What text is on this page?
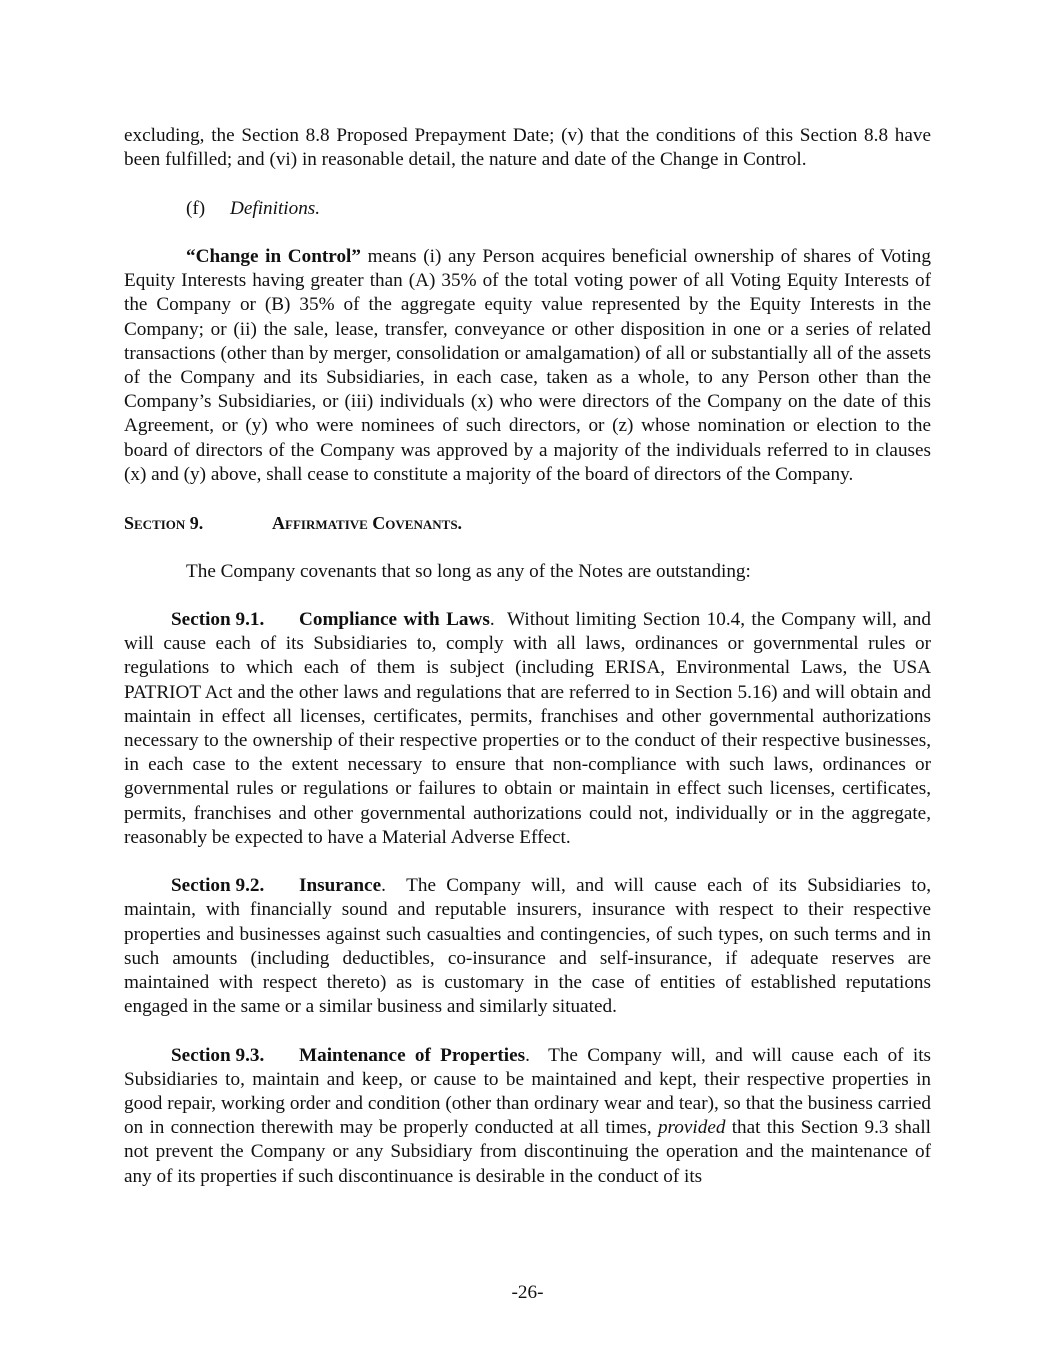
excluding, the Section 8.8 Proposed Prepayment Date; (v) that the conditions of this Section 8.8 have been fulfilled; and (vi) in reasonable detail, the nature and date of the Change in Control.

(f) Definitions.

“Change in Control” means (i) any Person acquires beneficial ownership of shares of Voting Equity Interests having greater than (A) 35% of the total voting power of all Voting Equity Interests of the Company or (B) 35% of the aggregate equity value represented by the Equity Interests in the Company; or (ii) the sale, lease, transfer, conveyance or other disposition in one or a series of related transactions (other than by merger, consolidation or amalgamation) of all or substantially all of the assets of the Company and its Subsidiaries, in each case, taken as a whole, to any Person other than the Company’s Subsidiaries, or (iii) individuals (x) who were directors of the Company on the date of this Agreement, or (y) who were nominees of such directors, or (z) whose nomination or election to the board of directors of the Company was approved by a majority of the individuals referred to in clauses (x) and (y) above, shall cease to constitute a majority of the board of directors of the Company.

Section 9.	Affirmative Covenants.

The Company covenants that so long as any of the Notes are outstanding:

Section 9.1. Compliance with Laws.  Without limiting Section 10.4, the Company will, and will cause each of its Subsidiaries to, comply with all laws, ordinances or governmental rules or regulations to which each of them is subject (including ERISA, Environmental Laws, the USA PATRIOT Act and the other laws and regulations that are referred to in Section 5.16) and will obtain and maintain in effect all licenses, certificates, permits, franchises and other governmental authorizations necessary to the ownership of their respective properties or to the conduct of their respective businesses, in each case to the extent necessary to ensure that non-compliance with such laws, ordinances or governmental rules or regulations or failures to obtain or maintain in effect such licenses, certificates, permits, franchises and other governmental authorizations could not, individually or in the aggregate, reasonably be expected to have a Material Adverse Effect.

Section 9.2. Insurance.  The Company will, and will cause each of its Subsidiaries to, maintain, with financially sound and reputable insurers, insurance with respect to their respective properties and businesses against such casualties and contingencies, of such types, on such terms and in such amounts (including deductibles, co-insurance and self-insurance, if adequate reserves are maintained with respect thereto) as is customary in the case of entities of established reputations engaged in the same or a similar business and similarly situated.

Section 9.3. Maintenance of Properties.  The Company will, and will cause each of its Subsidiaries to, maintain and keep, or cause to be maintained and kept, their respective properties in good repair, working order and condition (other than ordinary wear and tear), so that the business carried on in connection therewith may be properly conducted at all times, provided that this Section 9.3 shall not prevent the Company or any Subsidiary from discontinuing the operation and the maintenance of any of its properties if such discontinuance is desirable in the conduct of its

-26-
